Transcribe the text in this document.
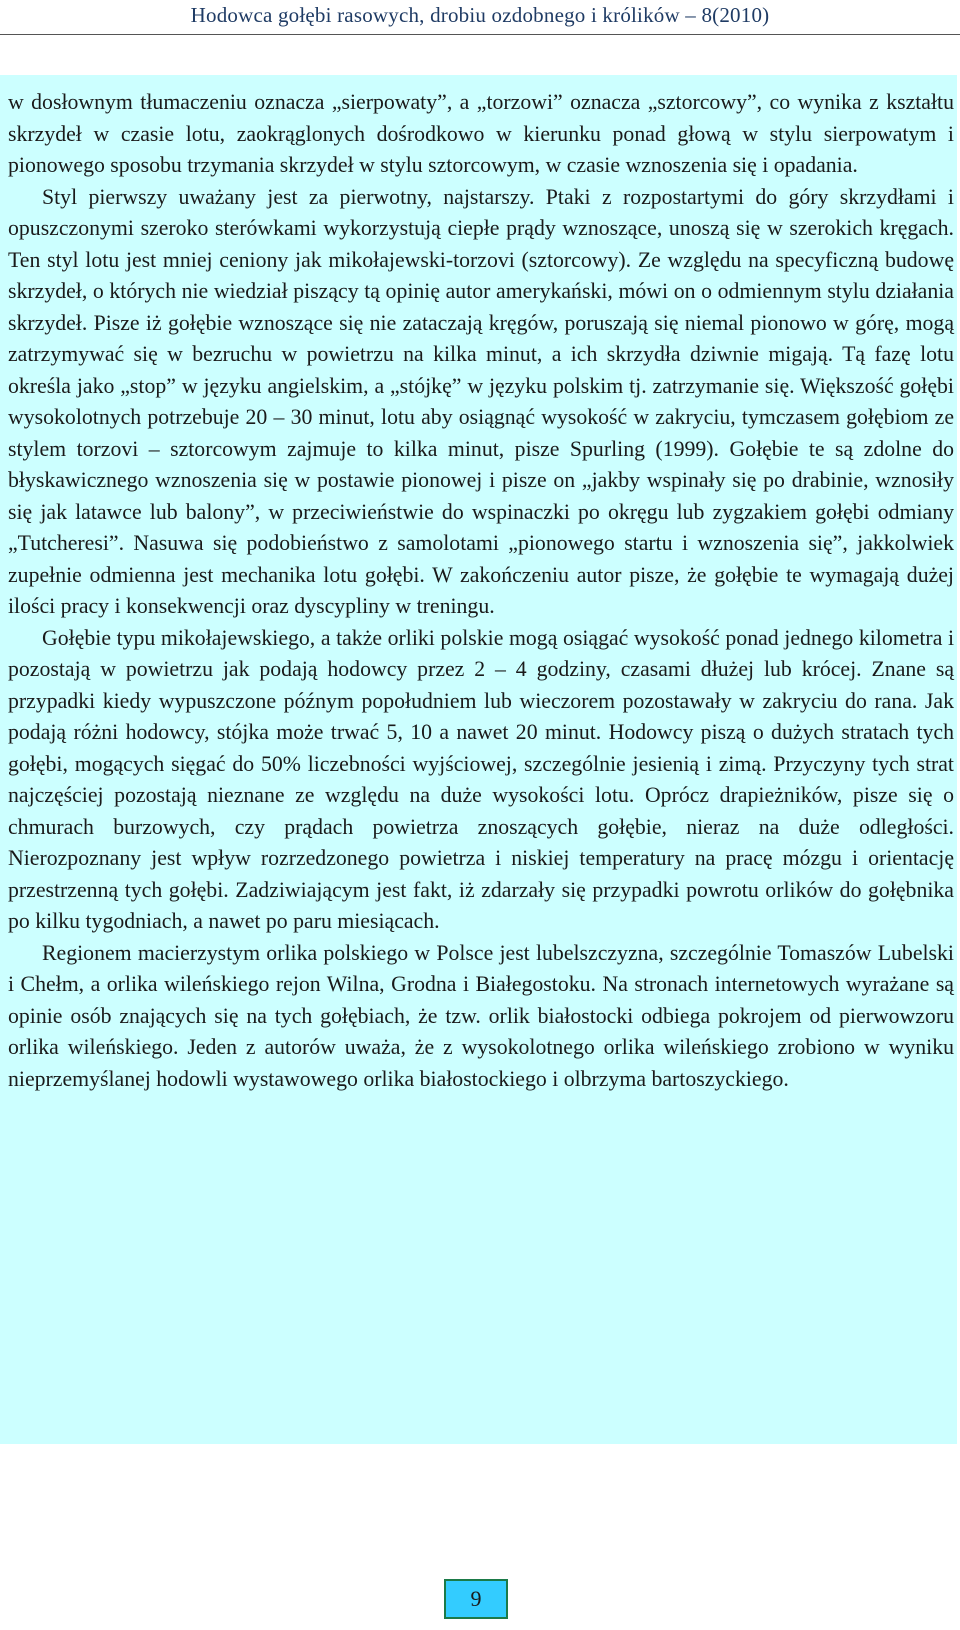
Hodowca gołębi rasowych, drobiu ozdobnego i królików – 8(2010)

w dosłownym tłumaczeniu oznacza „sierpowaty”, a „torzowi” oznacza „sztorcowy”, co wynika z kształtu skrzydeł w czasie lotu, zaokrąglonych dośrodkowo w kierunku ponad głową w stylu sierpowatym i pionowego sposobu trzymania skrzydeł w stylu sztorcowym, w czasie wznoszenia się i opadania.

Styl pierwszy uważany jest za pierwotny, najstarszy. Ptaki z rozpostartymi do góry skrzydłami i opuszczonymi szeroko sterówkami wykorzystują ciepłe prądy wznoszące, unoszą się w szerokich kręgach. Ten styl lotu jest mniej ceniony jak mikołajewski-torzovi (sztorcowy). Ze względu na specyficzną budowę skrzydeł, o których nie wiedział piszący tą opinię autor amerykański, mówi on o odmiennym stylu działania skrzydeł. Pisze iż gołębie wznoszące się nie zataczają kręgów, poruszają się niemal pionowo w górę, mogą zatrzymywać się w bezruchu w powietrzu na kilka minut, a ich skrzydła dziwnie migają. Tą fazę lotu określa jako „stop” w języku angielskim, a „stójkę” w języku polskim tj. zatrzymanie się. Większość gołębi wysokolotnych potrzebuje 20 – 30 minut, lotu aby osiągnąć wysokość w zakryciu, tymczasem gołębiom ze stylem torzovi – sztorcowym zajmuje to kilka minut, pisze Spurling (1999). Gołębie te są zdolne do błyskawicznego wznoszenia się w postawie pionowej i pisze on „jakby wspinały się po drabinie, wznosiły się jak latawce lub balony”, w przeciwieństwie do wspinaczki po okręgu lub zygzakiem gołębi odmiany „Tutcheresi”. Nasuwa się podobieństwo z samolotami „pionowego startu i wznoszenia się”, jakkolwiek zupełnie odmienna jest mechanika lotu gołębi. W zakończeniu autor pisze, że gołębie te wymagają dużej ilości pracy i konsekwencji oraz dyscypliny w treningu.

Gołębie typu mikołajewskiego, a także orliki polskie mogą osiągać wysokość ponad jednego kilometra i pozostają w powietrzu jak podają hodowcy przez 2 – 4 godziny, czasami dłużej lub krócej. Znane są przypadki kiedy wypuszczone późnym popołudniem lub wieczorem pozostawały w zakryciu do rana. Jak podają różni hodowcy, stójka może trwać 5, 10 a nawet 20 minut. Hodowcy piszą o dużych stratach tych gołębi, mogących sięgać do 50% liczebności wyjściowej, szczególnie jesienią i zimą. Przyczyny tych strat najczęściej pozostają nieznane ze względu na duże wysokości lotu. Oprócz drapieżników, pisze się o chmurach burzowych, czy prądach powietrza znoszących gołębie, nieraz na duże odległości. Nierozpoznany jest wpływ rozrzedzonego powietrza i niskiej temperatury na pracę mózgu i orientację przestrzenną tych gołębi. Zadziwiającym jest fakt, iż zdarzały się przypadki powrotu orlików do gołębnika po kilku tygodniach, a nawet po paru miesiącach.

Regionem macierzystym orlika polskiego w Polsce jest lubelszczyzna, szczególnie Tomaszów Lubelski i Chełm, a orlika wileńskiego rejon Wilna, Grodna i Białegostoku. Na stronach internetowych wyrażane są opinie osób znających się na tych gołębiach, że tzw. orlik białostocki odbiega pokrojem od pierwowzoru orlika wileńskiego. Jeden z autorów uważa, że z wysokolotnego orlika wileńskiego zrobiono w wyniku nieprzemyślanej hodowli wystawowego orlika białostockiego i olbrzyma bartoszyckiego.

9
